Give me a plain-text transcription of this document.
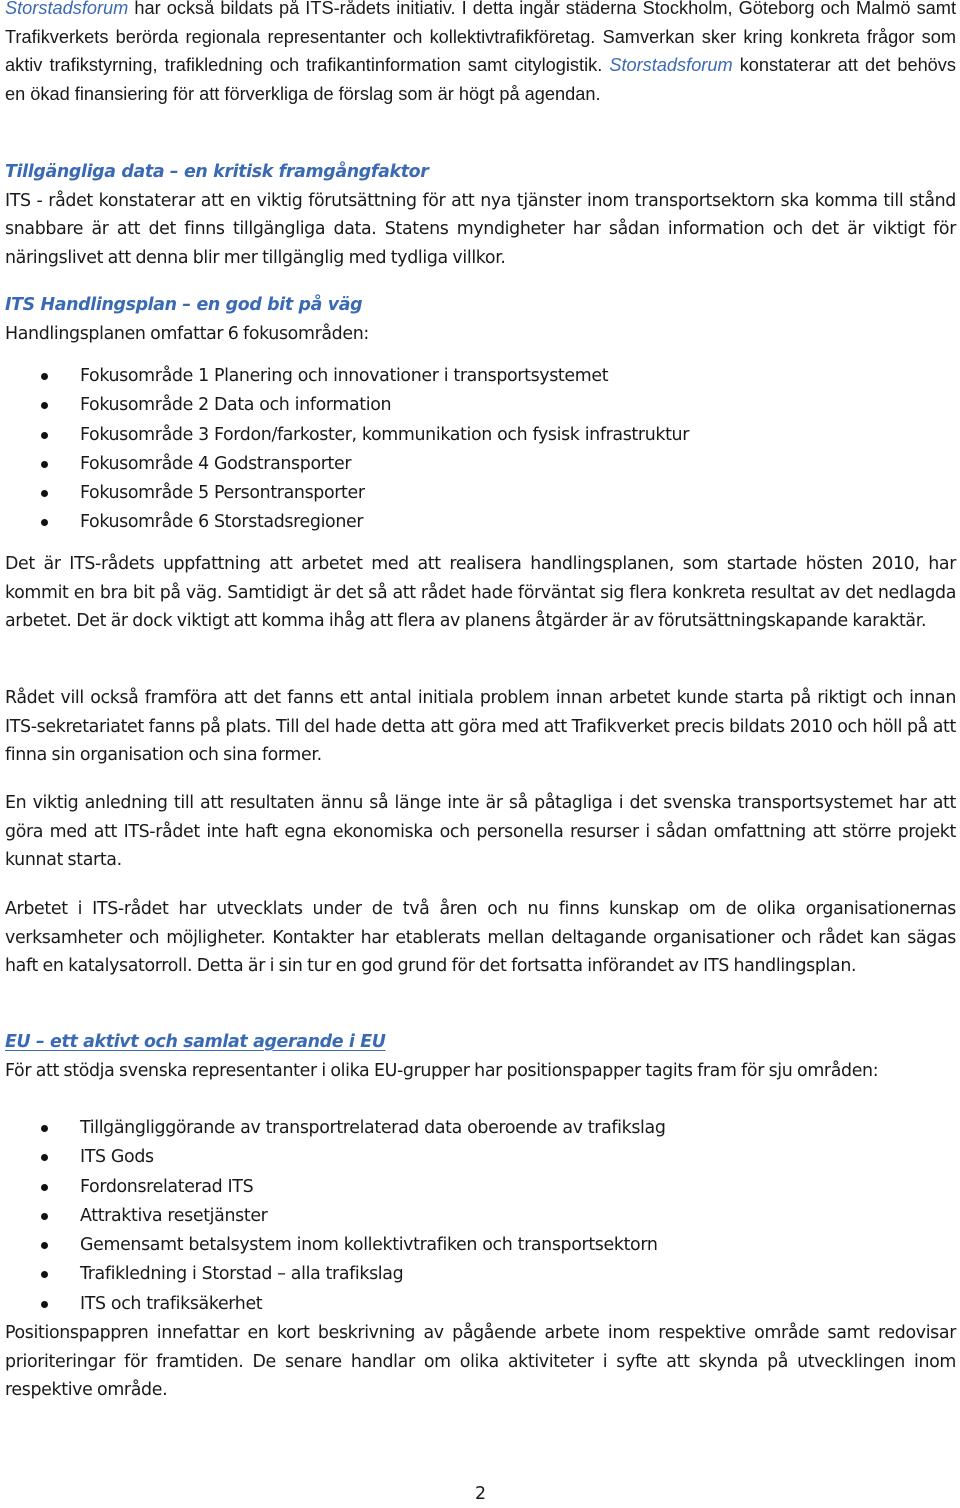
Storstadsforum har också bildats på ITS-rådets initiativ. I detta ingår städerna Stockholm, Göteborg och Malmö samt Trafikverkets berörda regionala representanter och kollektivtrafikföretag. Samverkan sker kring konkreta frågor som aktiv trafikstyrning, trafikledning och trafikantinformation samt citylogistik. Storstadsforum konstaterar att det behövs en ökad finansiering för att förverkliga de förslag som är högt på agendan.

Tillgängliga data – en kritisk framgångfaktor

ITS - rådet konstaterar att en viktig förutsättning för att nya tjänster inom transportsektorn ska komma till stånd snabbare är att det finns tillgängliga data. Statens myndigheter har sådan information och det är viktigt för näringslivet att denna blir mer tillgänglig med tydliga villkor.

ITS Handlingsplan – en god bit på väg

Handlingsplanen omfattar 6 fokusområden:

Fokusområde 1 Planering och innovationer i transportsystemet
Fokusområde 2 Data och information
Fokusområde 3 Fordon/farkoster, kommunikation och fysisk infrastruktur
Fokusområde 4 Godstransporter
Fokusområde 5 Persontransporter
Fokusområde 6 Storstadsregioner

Det är ITS-rådets uppfattning att arbetet med att realisera handlingsplanen, som startade hösten 2010, har kommit en bra bit på väg. Samtidigt är det så att rådet hade förväntat sig flera konkreta resultat av det nedlagda arbetet. Det är dock viktigt att komma ihåg att flera av planens åtgärder är av förutsättningskapande karaktär.

Rådet vill också framföra att det fanns ett antal initiala problem innan arbetet kunde starta på riktigt och innan ITS-sekretariatet fanns på plats. Till del hade detta att göra med att Trafikverket precis bildats 2010 och höll på att finna sin organisation och sina former.

En viktig anledning till att resultaten ännu så länge inte är så påtagliga i det svenska transportsystemet har att göra med att ITS-rådet inte haft egna ekonomiska och personella resurser i sådan omfattning att större projekt kunnat starta.

Arbetet i ITS-rådet har utvecklats under de två åren och nu finns kunskap om de olika organisationernas verksamheter och möjligheter. Kontakter har etablerats mellan deltagande organisationer och rådet kan sägas haft en katalysatorroll. Detta är i sin tur en god grund för det fortsatta införandet av ITS handlingsplan.

EU – ett aktivt och samlat agerande i EU

För att stödja svenska representanter i olika EU-grupper har positionspapper tagits fram för sju områden:

Tillgängliggörande av transportrelaterad data oberoende av trafikslag
ITS Gods
Fordonsrelaterad ITS
Attraktiva resetjänster
Gemensamt betalsystem inom kollektivtrafiken och transportsektorn
Trafikledning i Storstad – alla trafikslag
ITS och trafiksäkerhet

Positionspappren innefattar en kort beskrivning av pågående arbete inom respektive område samt redovisar prioriteringar för framtiden. De senare handlar om olika aktiviteter i syfte att skynda på utvecklingen inom respektive område.

2
